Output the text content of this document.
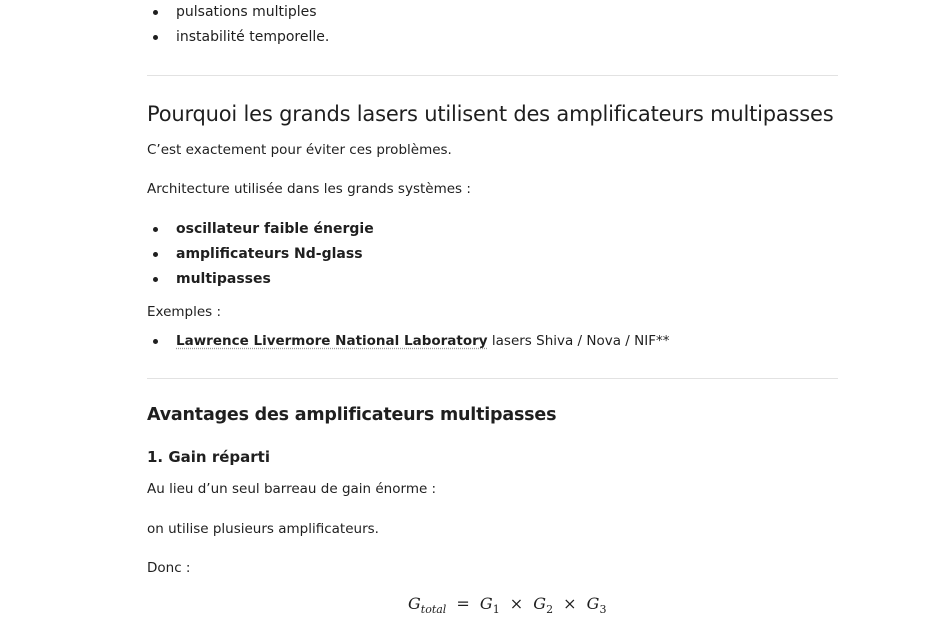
pulsations multiples
instabilité temporelle.
Pourquoi les grands lasers utilisent des amplificateurs multipasses
C’est exactement pour éviter ces problèmes.
Architecture utilisée dans les grands systèmes :
oscillateur faible énergie
amplificateurs Nd-glass
multipasses
Exemples :
Lawrence Livermore National Laboratory lasers Shiva / Nova / NIF**
Avantages des amplificateurs multipasses
1. Gain réparti
Au lieu d’un seul barreau de gain énorme :
on utilise plusieurs amplificateurs.
Donc :
$G_{total} = G_1 \times G_2 \times G_3$
